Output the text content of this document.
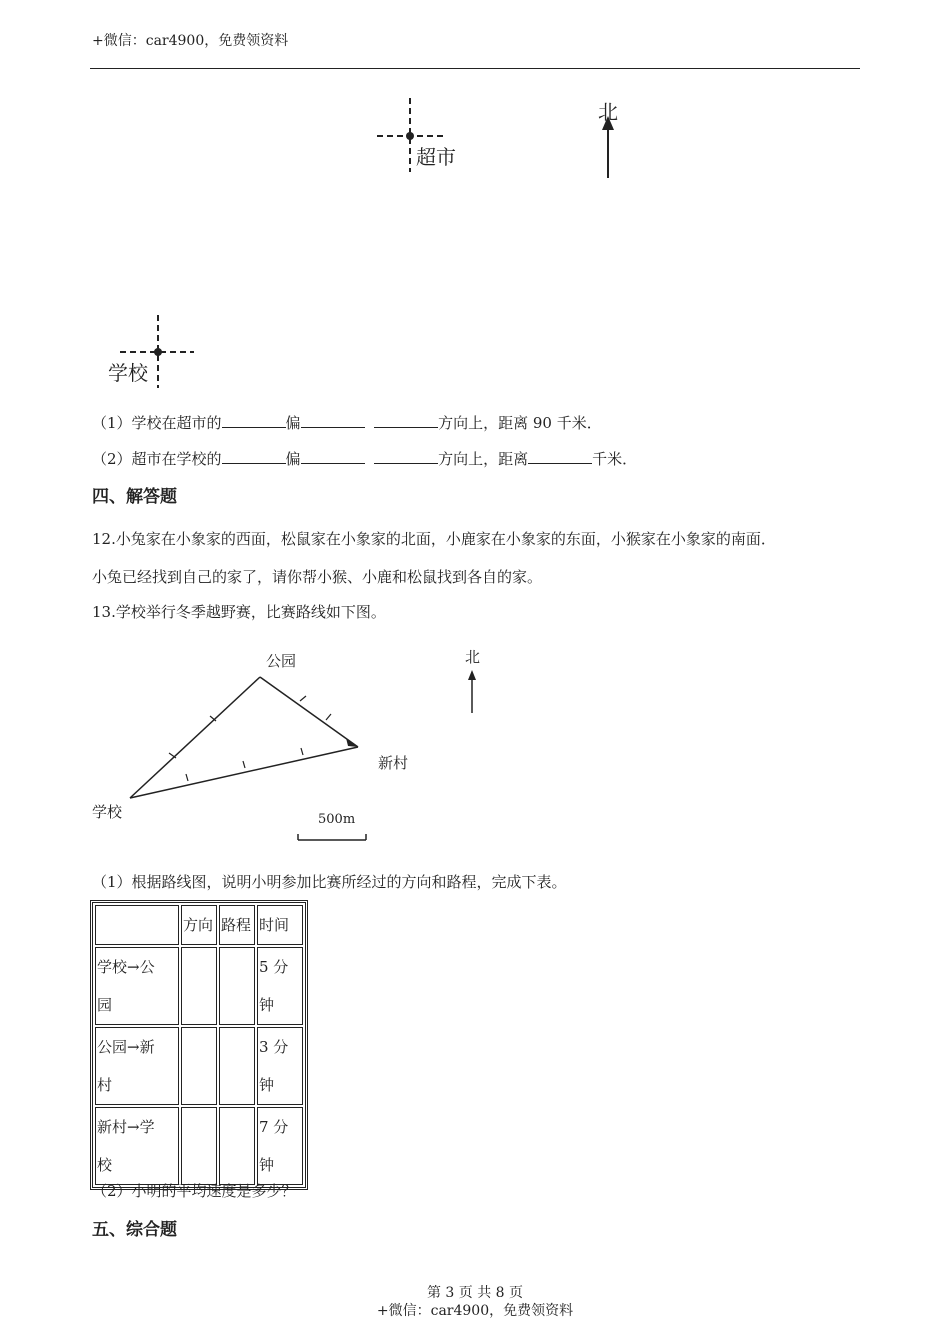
+微信：car4900，免费领资料
超市
北
学校
（1）学校在超市的	偏	方向上，距离 90 千米．
（2）超市在学校的	偏	方向上，距离	千米．
四、解答题
12.小兔家在小象家的西面，松鼠家在小象家的北面，小鹿家在小象家的东面，小猴家在小象家的南面．
小兔已经找到自己的家了，请你帮小猴、小鹿和松鼠找到各自的家。
13.学校举行冬季越野赛，比赛路线如下图。
公园
新村
学校
北
500m
（1）根据路线图，说明小明参加比赛所经过的方向和路程，完成下表。
	方向	路程	时间
学校→公
园			5 分钟
公园→新
村			3 分钟
新村→学
校			7 分钟
（2）小明的平均速度是多少？
五、综合题
第 3 页 共 8 页
+微信：car4900，免费领资料
